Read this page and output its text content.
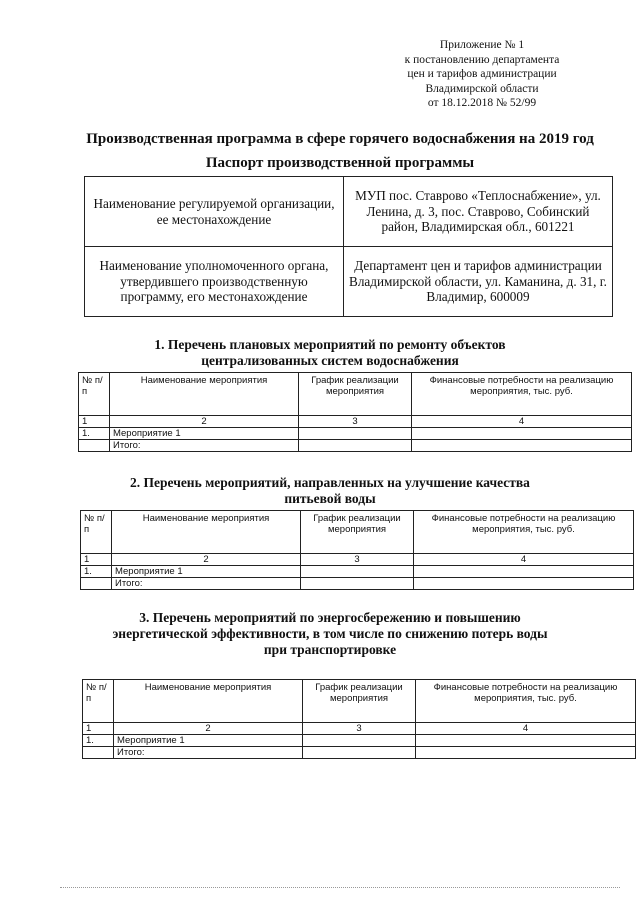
Приложение № 1
к постановлению департамента
цен и тарифов администрации
Владимирской области
от 18.12.2018 № 52/99
Производственная программа в сфере горячего водоснабжения на 2019 год
Паспорт производственной программы
Наименование регулируемой организации, ее местонахождение	МУП пос. Ставрово «Теплоснабжение», ул. Ленина, д. 3, пос. Ставрово, Собинский район, Владимирская обл., 601221
Наименование уполномоченного органа, утвердившего производственную программу, его местонахождение	Департамент цен и тарифов администрации Владимирской области, ул. Каманина, д. 31, г. Владимир, 600009
1. Перечень плановых мероприятий по ремонту объектов
централизованных систем водоснабжения
№ п/п	Наименование мероприятия	График реализации мероприятия	Финансовые потребности на реализацию мероприятия, тыс. руб.
1	2	3	4
1.	Мероприятие 1		
	Итого:		
2. Перечень мероприятий, направленных на улучшение качества
питьевой воды
№ п/п	Наименование мероприятия	График реализации мероприятия	Финансовые потребности на реализацию мероприятия, тыс. руб.
1	2	3	4
1.	Мероприятие 1		
	Итого:		
3. Перечень мероприятий по энергосбережению и повышению
энергетической эффективности, в том числе по снижению потерь воды
при транспортировке
№ п/п	Наименование мероприятия	График реализации мероприятия	Финансовые потребности на реализацию мероприятия, тыс. руб.
1	2	3	4
1.	Мероприятие 1		
	Итого:		
